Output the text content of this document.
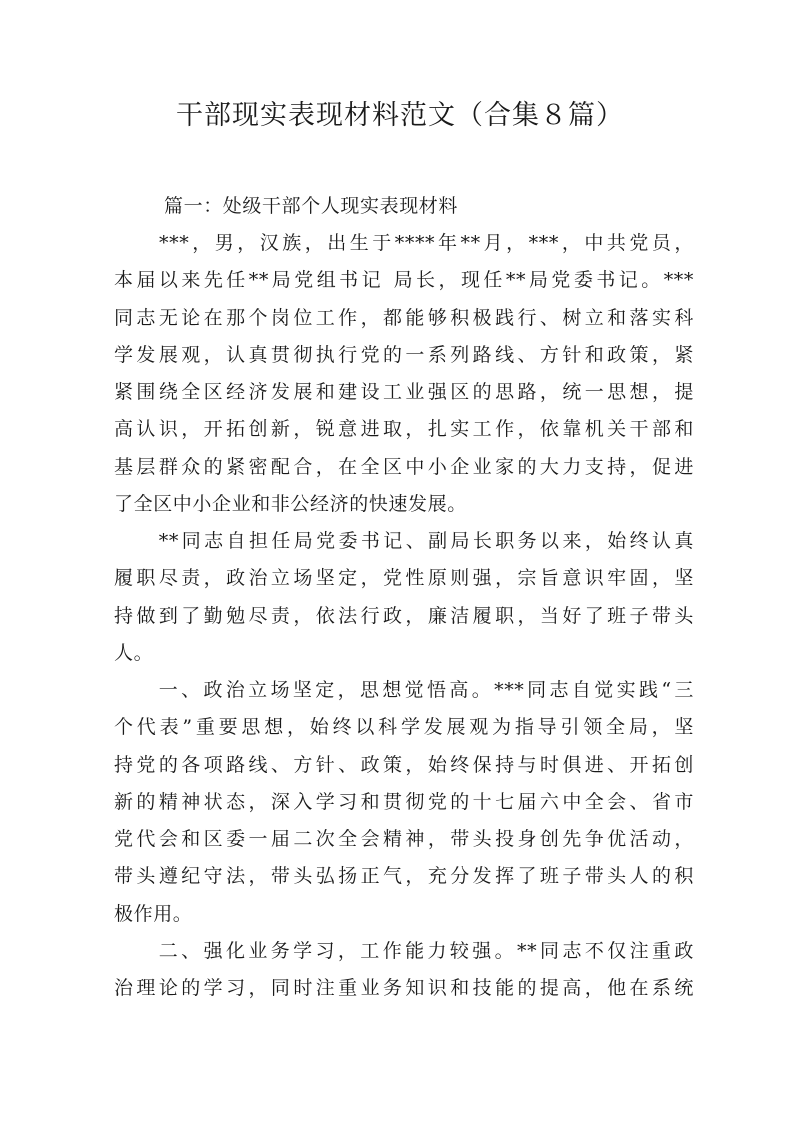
干部现实表现材料范文（合集８篇）
篇一：处级干部个人现实表现材料
　　***，男，汉族，出生于****年**月，***，中共党员，
本届以来先任**局党组书记 局长，现任**局党委书记。***
同志无论在那个岗位工作，都能够积极践行、树立和落实科
学发展观，认真贯彻执行党的一系列路线、方针和政策，紧
紧围绕全区经济发展和建设工业强区的思路，统一思想，提
高认识，开拓创新，锐意进取，扎实工作，依靠机关干部和
基层群众的紧密配合，在全区中小企业家的大力支持，促进
了全区中小企业和非公经济的快速发展。
　　**同志自担任局党委书记、副局长职务以来，始终认真
履职尽责，政治立场坚定，党性原则强，宗旨意识牢固，坚
持做到了勤勉尽责，依法行政，廉洁履职，当好了班子带头
人。
　　一、政治立场坚定，思想觉悟高。***同志自觉实践“三
个代表”重要思想，始终以科学发展观为指导引领全局，坚
持党的各项路线、方针、政策，始终保持与时俱进、开拓创
新的精神状态，深入学习和贯彻党的十七届六中全会、省市
党代会和区委一届二次全会精神，带头投身创先争优活动，
带头遵纪守法，带头弘扬正气，充分发挥了班子带头人的积
极作用。
　　二、强化业务学习，工作能力较强。**同志不仅注重政
治理论的学习，同时注重业务知识和技能的提高，他在系统
